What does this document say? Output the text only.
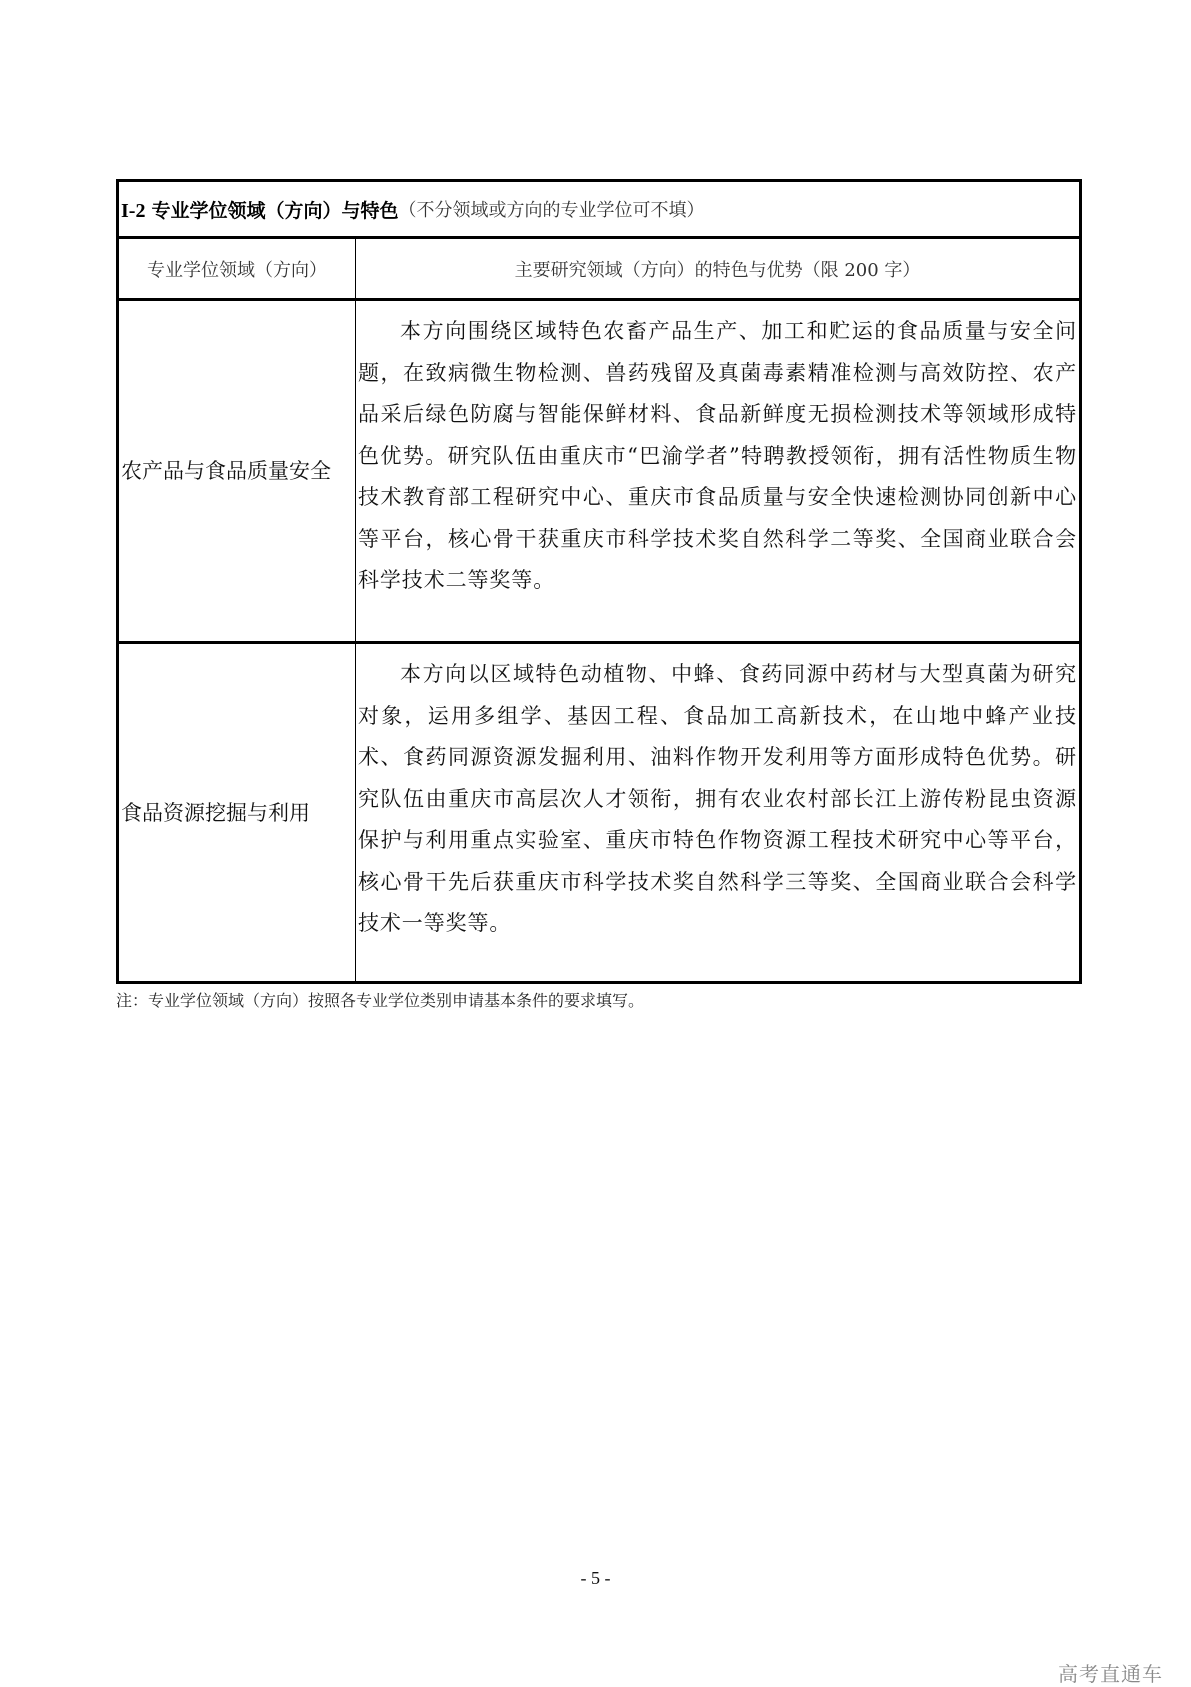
I-2 专业学位领域（方向）与特色 （不分领域或方向的专业学位可不填）
专业学位领域（方向）	主要研究领域（方向）的特色与优势（限 200 字）
农产品与食品质量安全

本方向围绕区域特色农畜产品生产、加工和贮运的食品质量与安全问题，在致病微生物检测、兽药残留及真菌毒素精准检测与高效防控、农产品采后绿色防腐与智能保鲜材料、食品新鲜度无损检测技术等领域形成特色优势。研究队伍由重庆市“巴渝学者”特聘教授领衔，拥有活性物质生物技术教育部工程研究中心、重庆市食品质量与安全快速检测协同创新中心等平台，核心骨干获重庆市科学技术奖自然科学二等奖、全国商业联合会科学技术二等奖等。

食品资源挖掘与利用

本方向以区域特色动植物、中蜂、食药同源中药材与大型真菌为研究对象，运用多组学、基因工程、食品加工高新技术，在山地中蜂产业技术、食药同源资源发掘利用、油料作物开发利用等方面形成特色优势。研究队伍由重庆市高层次人才领衔，拥有农业农村部长江上游传粉昆虫资源保护与利用重点实验室、重庆市特色作物资源工程技术研究中心等平台，核心骨干先后获重庆市科学技术奖自然科学三等奖、全国商业联合会科学技术一等奖等。

注：专业学位领域（方向）按照各专业学位类别申请基本条件的要求填写。
- 5 -
高考直通车
